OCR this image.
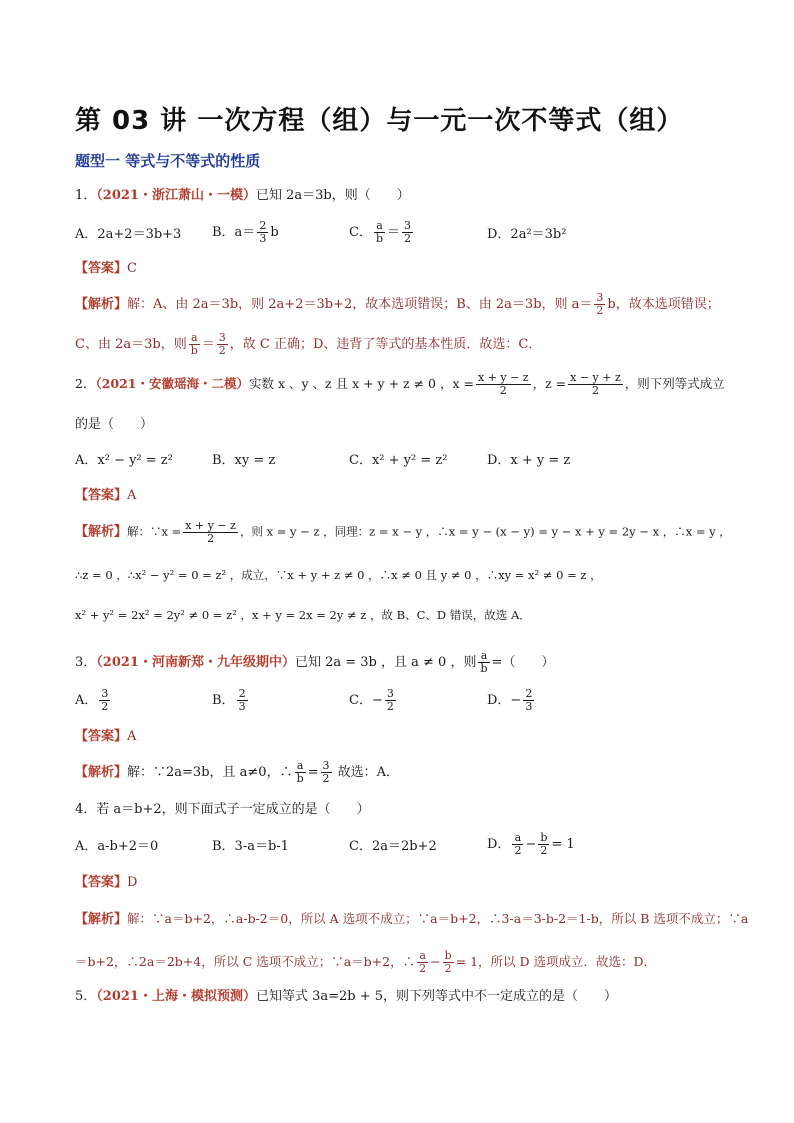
第 03 讲 一次方程（组）与一元一次不等式（组）
题型一 等式与不等式的性质
1．（2021・浙江萧山・一模）已知 2a＝3b，则（　　）
A．2a+2＝3b+3 B．$a= \frac{2}{3}$ b	C． $\frac{a}{b} = \frac{3}{2}$	D．2a²＝3b²
【答案】C
【解析】解：A、由 2a＝3b，则 2a+2＝3b+2，故本选项错误；B、由 2a＝3b，则 $a= \frac{3}{2}$ b，故本选项错误；
C、由 2a＝3b，则 $\frac{a}{b} = \frac{3}{2}$ ，故 C 正确；D、违背了等式的基本性质．故选：C．
2．（2021・安徽瑶海・二模）实数 x 、y 、z 且 x + y + z ≠ 0 ，$x = \frac{x + y - z}{2}$ ，$z = \frac{x - y + z}{2}$ ，则下列等式成立
的是（　　）
A．x² − y² = z²	B．xy = z	C．x² + y² = z²	D．x + y = z
【答案】A
【解析】解：∵x = $\frac{x + y - z}{2}$ ，则 x = y − z ，同理：z = x − y ，∴x = y − (x − y) = y − x + y = 2y − x ，∴x = y ，
∴z = 0 ，∴x² − y² = 0 = z² ，成立，∵x + y + z ≠ 0 ，∴x ≠ 0 且 y ≠ 0 ，∴xy = x² ≠ 0 = z ，
x² + y² = 2x² = 2y² ≠ 0 = z² ，x + y = 2x = 2y ≠ z ，故 B、C、D 错误，故选 A．
3．（2021・河南新郑・九年级期中）已知 2a = 3b ，且 a ≠ 0 ，则 $\frac{a}{b}$ =（　　）
A． $\frac{3}{2}$	B． $\frac{2}{3}$	C．− $\frac{3}{2}$	D．− $\frac{2}{3}$
【答案】A
【解析】解：∵2a=3b，且 a≠0，∴ $\frac{a}{b} = \frac{3}{2}$ 故选：A．
4．若 a＝b+2，则下面式子一定成立的是（　　）
A．a-b+2＝0	B．3-a＝b-1	C．2a＝2b+2	D． $\frac{a}{2} - \frac{b}{2} = 1$
【答案】D
【解析】解：∵a＝b+2，∴a-b-2＝0，所以 A 选项不成立；∵a＝b+2，∴3-a＝3-b-2＝1-b，所以 B 选项不成立；∵a
＝b+2，∴2a＝2b+4，所以 C 选项不成立；∵a＝b+2，∴ $\frac{a}{2} - \frac{b}{2} = 1$，所以 D 选项成立．故选：D．
5．（2021・上海・模拟预测）已知等式 3a=2b + 5，则下列等式中不一定成立的是（　　）
